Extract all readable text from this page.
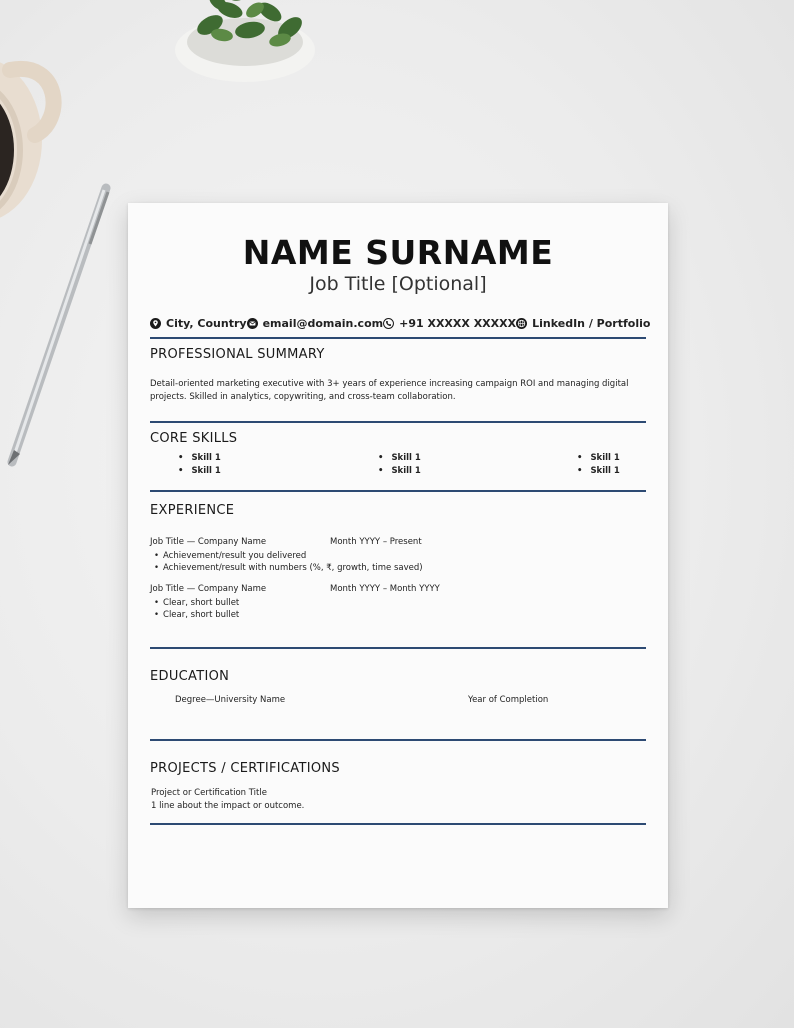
NAME SURNAME
Job Title [Optional]
City, Country email@domain.com +91 XXXXX XXXXX LinkedIn / Portfolio
PROFESSIONAL SUMMARY
Detail-oriented marketing executive with 3+ years of experience increasing campaign ROI and managing digital
projects. Skilled in analytics, copywriting, and cross-team collaboration.
CORE SKILLS
• Skill 1
• Skill 1
• Skill 1
• Skill 1
• Skill 1
• Skill 1
EXPERIENCE
Job Title — Company Name	Month YYYY – Present
• Achievement/result you delivered
• Achievement/result with numbers (%, ₹, growth, time saved)
Job Title — Company Name	Month YYYY – Month YYYY
• Clear, short bullet
• Clear, short bullet
EDUCATION
Degree—University Name	Year of Completion
PROJECTS / CERTIFICATIONS
Project or Certification Title
1 line about the impact or outcome.
